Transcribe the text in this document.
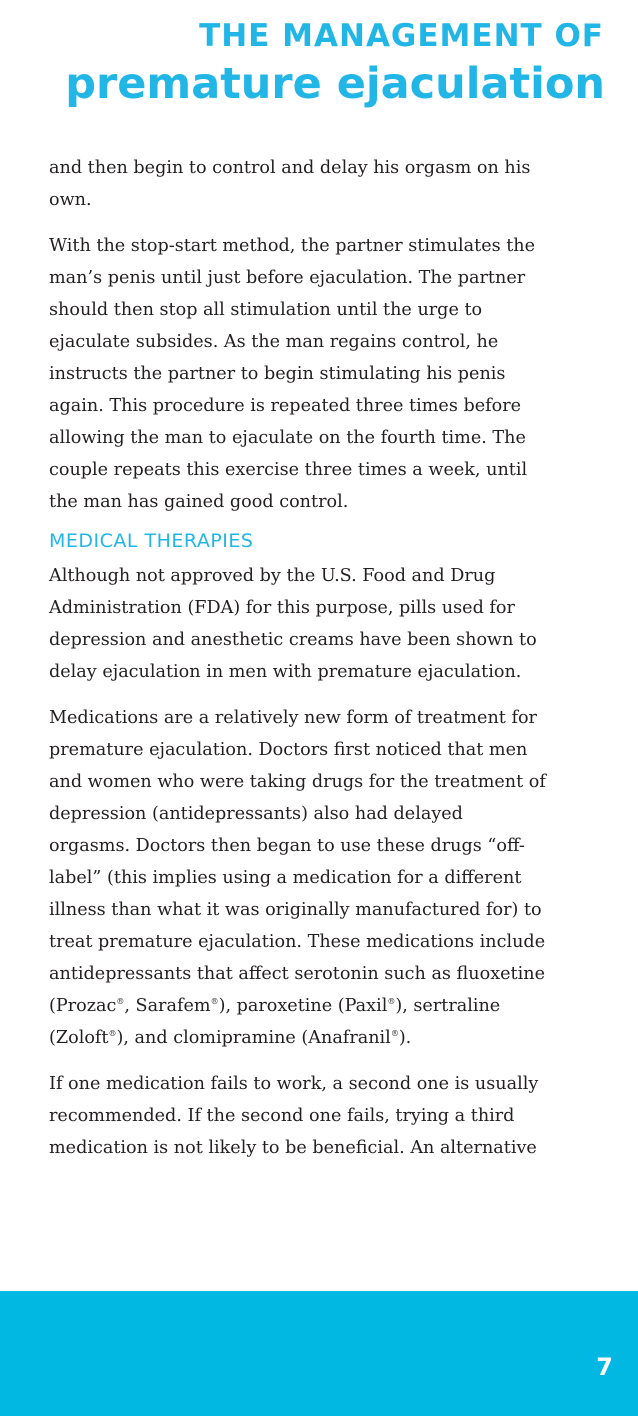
THE MANAGEMENT OF
premature ejaculation

and then begin to control and delay his orgasm on his own.

With the stop-start method, the partner stimulates the man’s penis until just before ejaculation. The partner should then stop all stimulation until the urge to ejaculate subsides. As the man regains control, he instructs the partner to begin stimulating his penis again. This procedure is repeated three times before allowing the man to ejaculate on the fourth time. The couple repeats this exercise three times a week, until the man has gained good control.

MEDICAL THERAPIES

Although not approved by the U.S. Food and Drug Administration (FDA) for this purpose, pills used for depression and anesthetic creams have been shown to delay ejaculation in men with premature ejaculation.

Medications are a relatively new form of treatment for premature ejaculation. Doctors first noticed that men and women who were taking drugs for the treatment of depression (antidepressants) also had delayed orgasms. Doctors then began to use these drugs “off-label” (this implies using a medication for a different illness than what it was originally manufactured for) to treat premature ejaculation. These medications include antidepressants that affect serotonin such as fluoxetine (Prozac®, Sarafem®), paroxetine (Paxil®), sertraline (Zoloft®), and clomipramine (Anafranil®).

If one medication fails to work, a second one is usually recommended. If the second one fails, trying a third medication is not likely to be beneficial. An alternative

7
